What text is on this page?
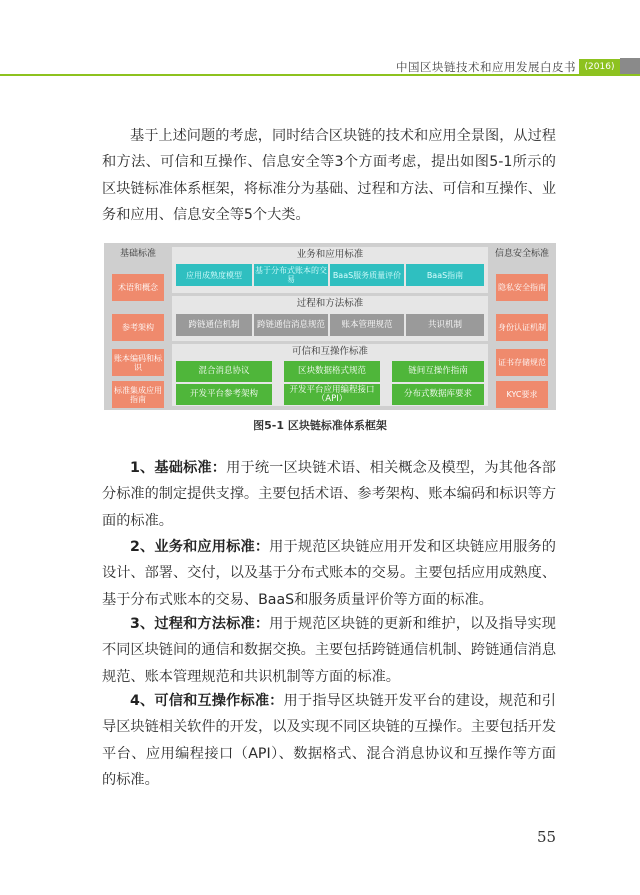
中国区块链技术和应用发展白皮书 (2016)

基于上述问题的考虑，同时结合区块链的技术和应用全景图，从过程和方法、可信和互操作、信息安全等3个方面考虑，提出如图5-1所示的区块链标准体系框架，将标准分为基础、过程和方法、可信和互操作、业务和应用、信息安全等5个大类。

基础标准
术语和概念
参考架构
账本编码和标识
标准集成应用指南
业务和应用标准
应用成熟度模型	基于分布式账本的交易	BaaS服务质量评价	BaaS指南
过程和方法标准
跨链通信机制	跨链通信消息规范	账本管理规范	共识机制
可信和互操作标准
混合消息协议	区块数据格式规范	链间互操作指南
开发平台参考架构	开发平台应用编程接口（API）	分布式数据库要求
信息安全标准
隐私安全指南
身份认证机制
证书存储规范
KYC要求
图5-1 区块链标准体系框架

1、基础标准：用于统一区块链术语、相关概念及模型，为其他各部分标准的制定提供支撑。主要包括术语、参考架构、账本编码和标识等方面的标准。

2、业务和应用标准：用于规范区块链应用开发和区块链应用服务的设计、部署、交付，以及基于分布式账本的交易。主要包括应用成熟度、基于分布式账本的交易、BaaS和服务质量评价等方面的标准。

3、过程和方法标准：用于规范区块链的更新和维护，以及指导实现不同区块链间的通信和数据交换。主要包括跨链通信机制、跨链通信消息规范、账本管理规范和共识机制等方面的标准。

4、可信和互操作标准：用于指导区块链开发平台的建设，规范和引导区块链相关软件的开发，以及实现不同区块链的互操作。主要包括开发平台、应用编程接口（API）、数据格式、混合消息协议和互操作等方面的标准。

55
